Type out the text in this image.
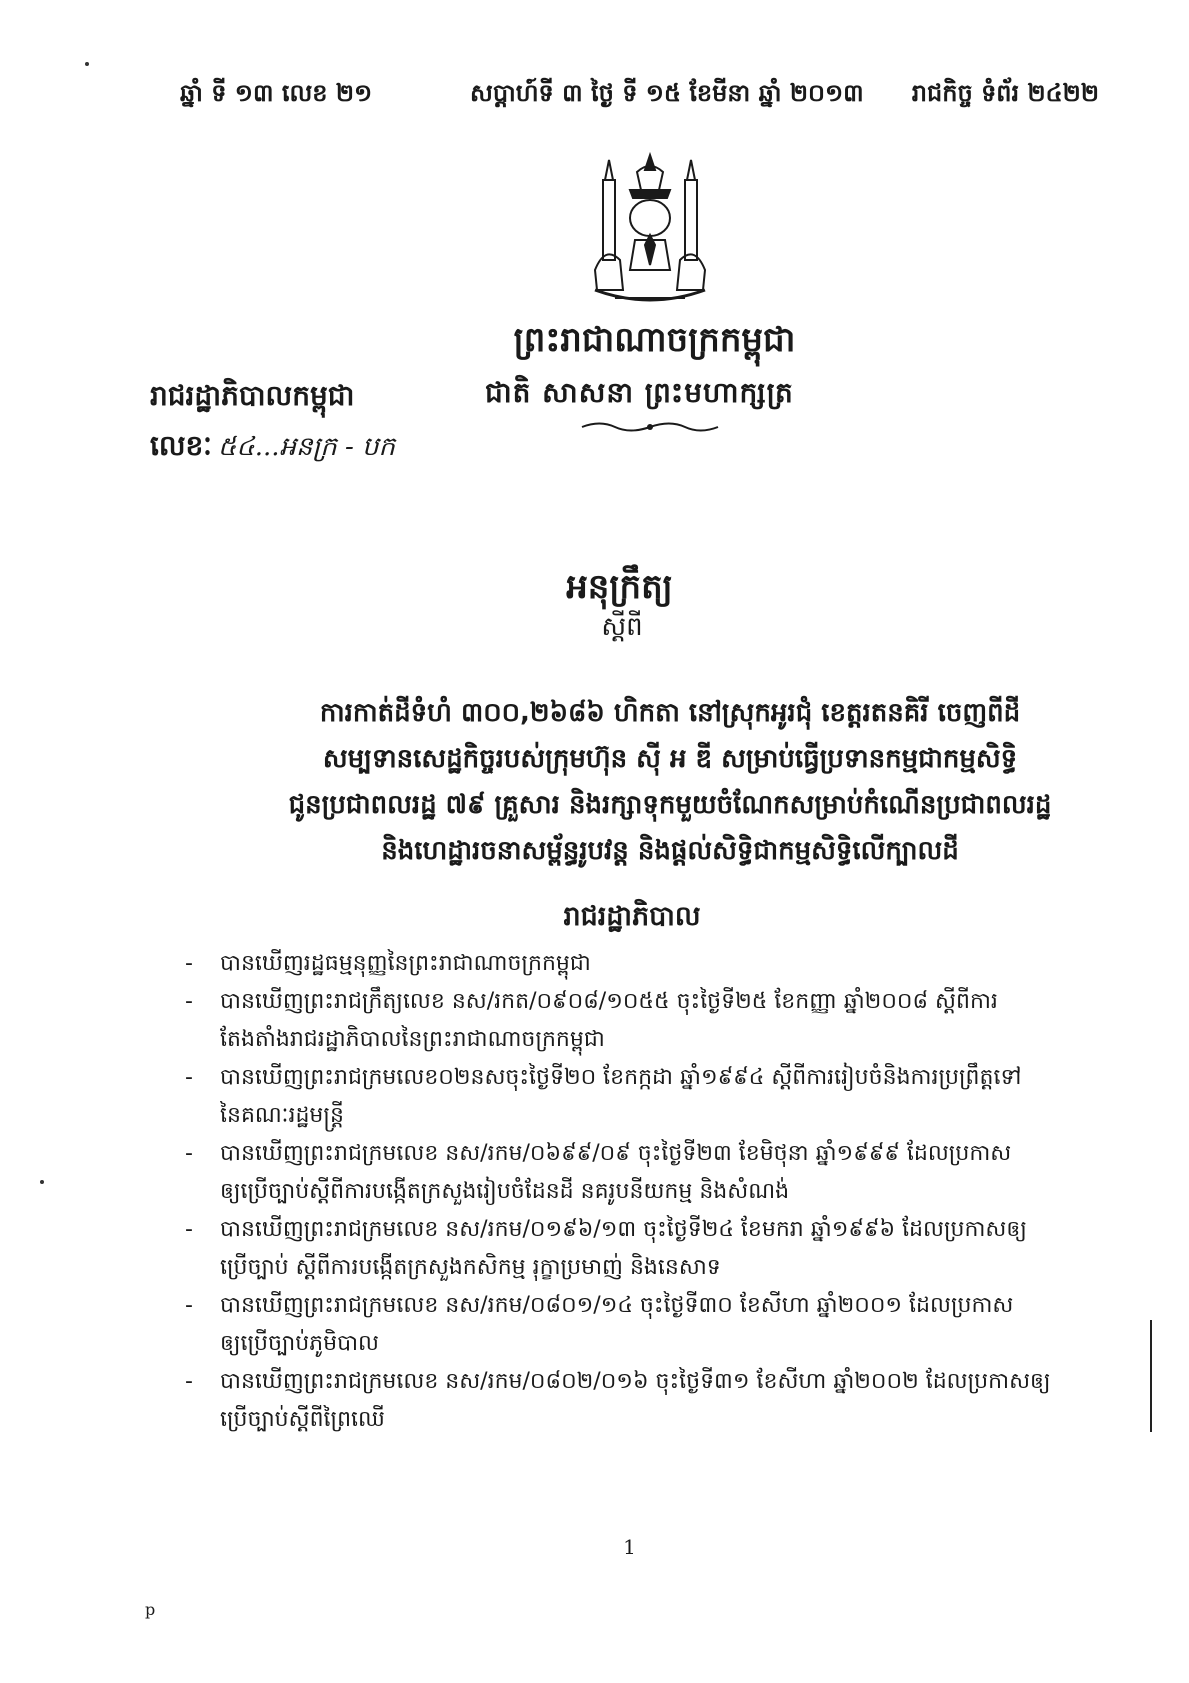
ឆ្នាំ ទី ១៣ លេខ ២១	សប្តាហ៍ទី ៣ ថ្ងៃ ទី ១៥ ខែមីនា ឆ្នាំ ២០១៣ រាជកិច្ច ទំព័រ ២៤២២
ព្រះរាជាណាចក្រកម្ពុជា
រាជរដ្ឋាភិបាលកម្ពុជា	ជាតិ សាសនា ព្រះមហាក្សត្រ
លេខៈ ៥៤...អនក្រ - បក
អនុក្រឹត្យ
ស្តីពី
ការកាត់ដីទំហំ ៣០០,២៦៨៦ ហិកតា នៅស្រុកអូរជុំ ខេត្តរតនគិរី ចេញពីដី
សម្បទានសេដ្ឋកិច្ចរបស់ក្រុមហ៊ុន ស៊ី អ ឌី សម្រាប់ធ្វើប្រទានកម្មជាកម្មសិទ្ធិ
ជូនប្រជាពលរដ្ឋ ៧៩ គ្រួសារ និងរក្សាទុកមួយចំណែកសម្រាប់កំណើនប្រជាពលរដ្ឋ
និងហេដ្ឋារចនាសម្ព័ន្ធរូបវន្ត និងផ្តល់សិទ្ធិជាកម្មសិទ្ធិលើក្បាលដី
រាជរដ្ឋាភិបាល
- បានឃើញរដ្ឋធម្មនុញ្ញនៃព្រះរាជាណាចក្រកម្ពុជា
- បានឃើញព្រះរាជក្រឹត្យលេខ នស/រកត/០៩០៨/១០៥៥ ចុះថ្ងៃទី២៥ ខែកញ្ញា ឆ្នាំ២០០៨ ស្តីពីការ
តែងតាំងរាជរដ្ឋាភិបាលនៃព្រះរាជាណាចក្រកម្ពុជា
- បានឃើញព្រះរាជក្រមលេខ០២នសចុះថ្ងៃទី២០ ខែកក្កដា ឆ្នាំ១៩៩៤ ស្តីពីការរៀបចំនិងការប្រព្រឹត្តទៅ
នៃគណៈរដ្ឋមន្ត្រី
- បានឃើញព្រះរាជក្រមលេខ នស/រកម/០៦៩៩/០៩ ចុះថ្ងៃទី២៣ ខែមិថុនា ឆ្នាំ១៩៩៩ ដែលប្រកាស
ឲ្យប្រើច្បាប់ស្តីពីការបង្កើតក្រសួងរៀបចំដែនដី នគរូបនីយកម្ម និងសំណង់
- បានឃើញព្រះរាជក្រមលេខ នស/រកម/០១៩៦/១៣ ចុះថ្ងៃទី២៤ ខែមករា ឆ្នាំ១៩៩៦ ដែលប្រកាសឲ្យ
ប្រើច្បាប់ ស្តីពីការបង្កើតក្រសួងកសិកម្ម រុក្ខាប្រមាញ់ និងនេសាទ
- បានឃើញព្រះរាជក្រមលេខ នស/រកម/០៨០១/១៤ ចុះថ្ងៃទី៣០ ខែសីហា ឆ្នាំ២០០១ ដែលប្រកាស
ឲ្យប្រើច្បាប់ភូមិបាល
- បានឃើញព្រះរាជក្រមលេខ នស/រកម/០៨០២/០១៦ ចុះថ្ងៃទី៣១ ខែសីហា ឆ្នាំ២០០២ ដែលប្រកាសឲ្យ
ប្រើច្បាប់ស្តីពីព្រៃឈើ
1
p
